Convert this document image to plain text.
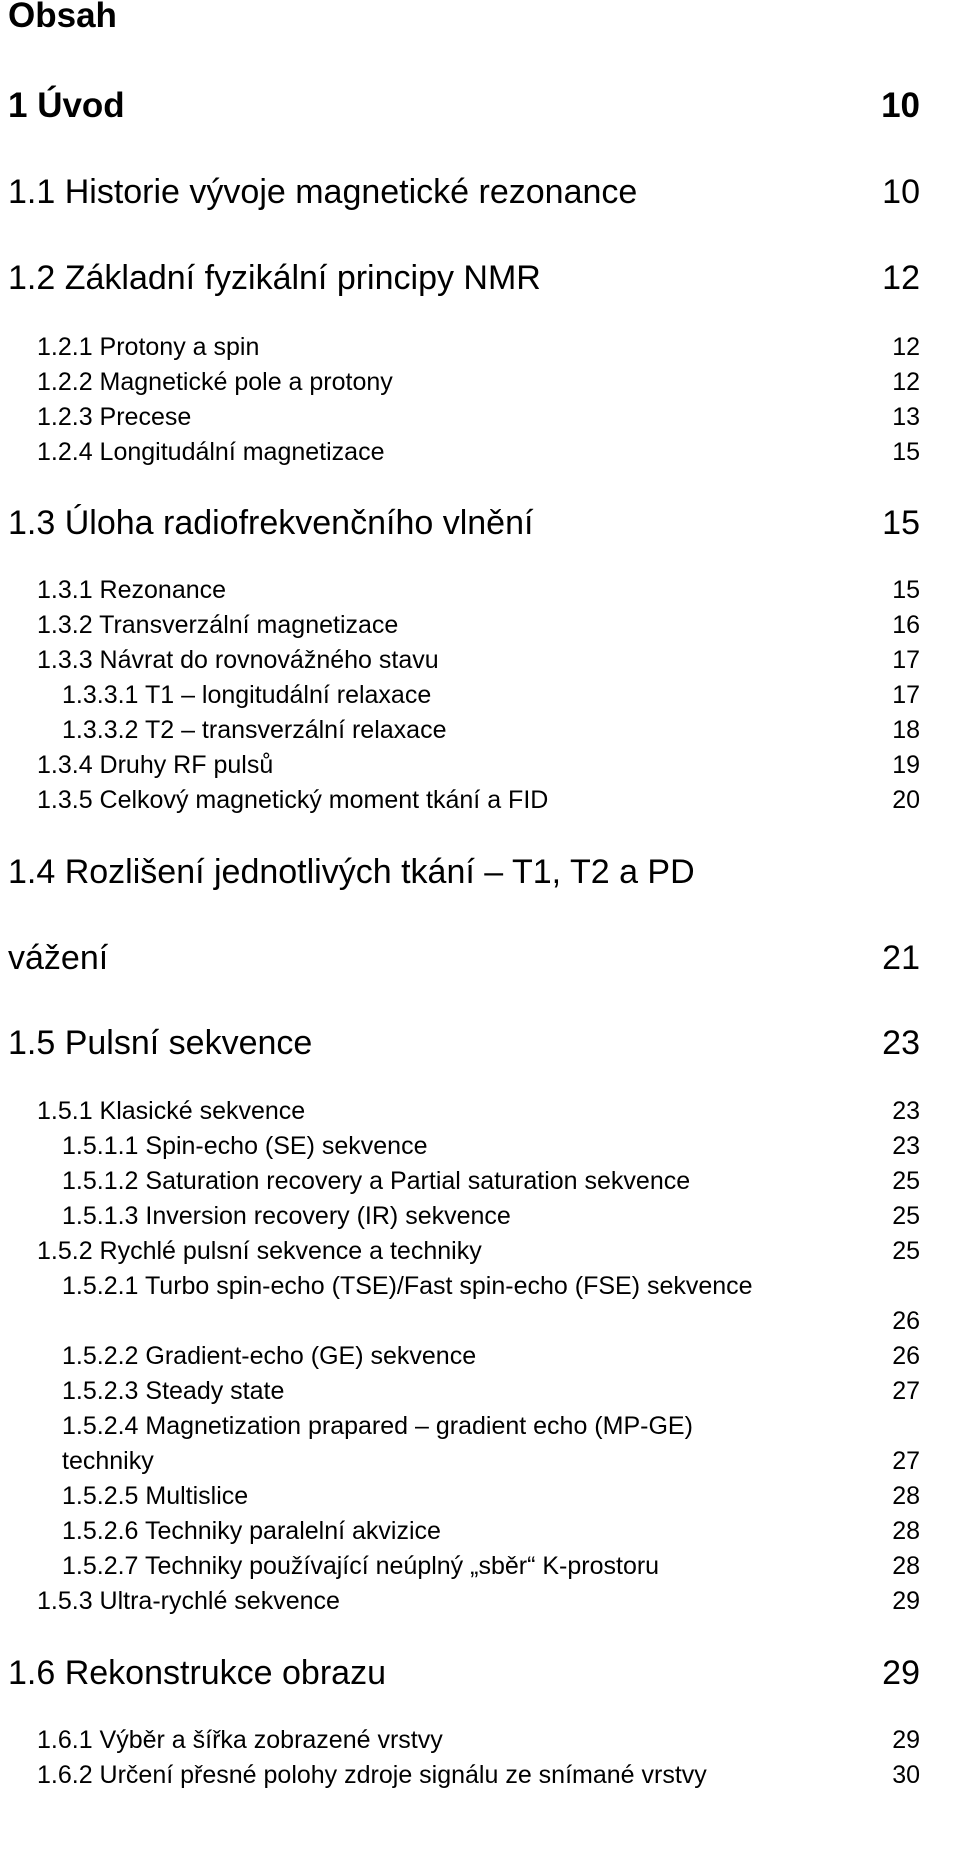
Obsah
1 Úvod	10
1.1 Historie vývoje magnetické rezonance	10
1.2 Základní fyzikální principy NMR	12
1.2.1 Protony a spin	12
1.2.2 Magnetické pole a protony	12
1.2.3 Precese	13
1.2.4 Longitudální magnetizace	15
1.3 Úloha radiofrekvenčního vlnění	15
1.3.1 Rezonance	15
1.3.2 Transverzální magnetizace	16
1.3.3 Návrat do rovnovážného stavu	17
1.3.3.1 T1 – longitudální relaxace	17
1.3.3.2 T2 – transverzální relaxace	18
1.3.4 Druhy RF pulsů	19
1.3.5 Celkový magnetický moment tkání a FID	20
1.4 Rozlišení jednotlivých tkání – T1, T2 a PD
vážení	21
1.5 Pulsní sekvence	23
1.5.1 Klasické sekvence	23
1.5.1.1 Spin-echo (SE) sekvence	23
1.5.1.2 Saturation recovery a Partial saturation sekvence	25
1.5.1.3 Inversion recovery (IR) sekvence	25
1.5.2 Rychlé pulsní sekvence a techniky	25
1.5.2.1 Turbo spin-echo (TSE)/Fast spin-echo (FSE) sekvence
26
1.5.2.2 Gradient-echo (GE) sekvence	26
1.5.2.3 Steady state	27
1.5.2.4 Magnetization prapared – gradient echo (MP-GE)
techniky	27
1.5.2.5 Multislice	28
1.5.2.6 Techniky paralelní akvizice	28
1.5.2.7 Techniky používající neúplný „sběr“ K-prostoru	28
1.5.3 Ultra-rychlé sekvence	29
1.6 Rekonstrukce obrazu	29
1.6.1 Výběr a šířka zobrazené vrstvy	29
1.6.2 Určení přesné polohy zdroje signálu ze snímané vrstvy	30
